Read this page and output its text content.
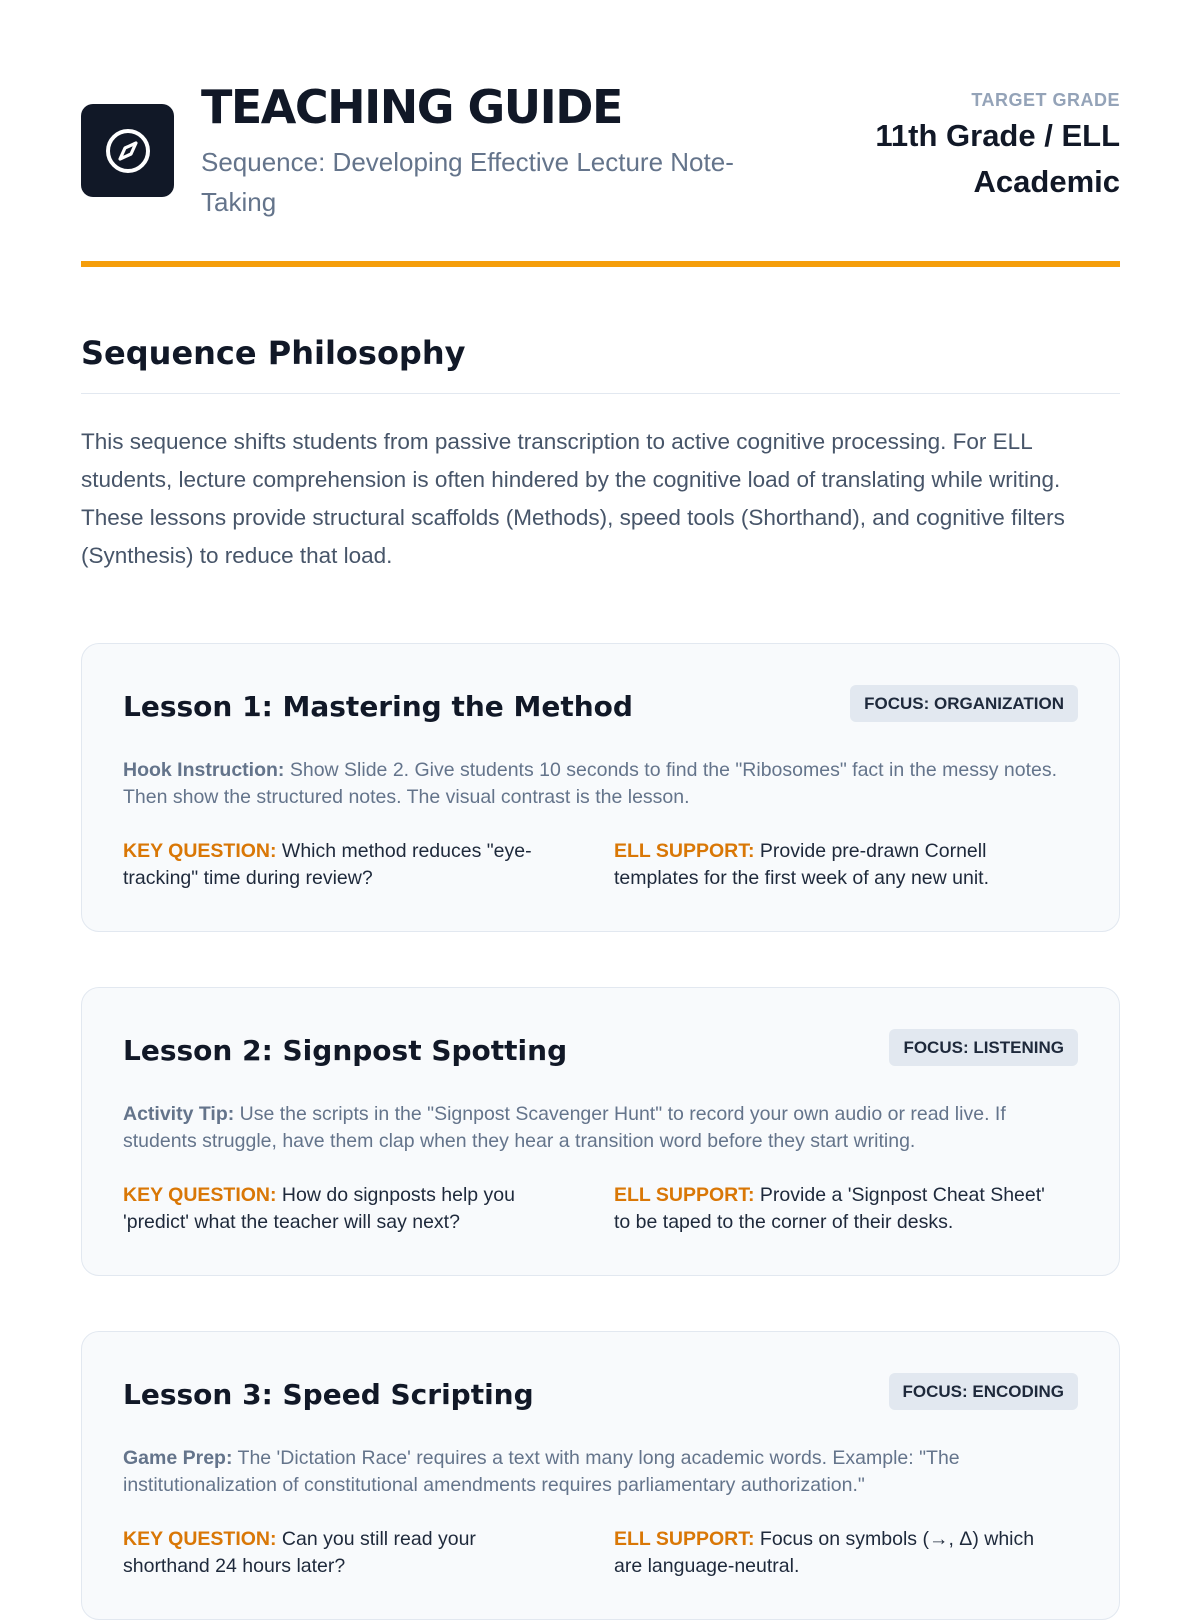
TEACHING GUIDE

Sequence: Developing Effective Lecture Note-Taking

TARGET GRADE
11th Grade / ELL Academic
Sequence Philosophy

This sequence shifts students from passive transcription to active cognitive processing. For ELL students, lecture comprehension is often hindered by the cognitive load of translating while writing. These lessons provide structural scaffolds (Methods), speed tools (Shorthand), and cognitive filters (Synthesis) to reduce that load.

Lesson 1: Mastering the Method	FOCUS: ORGANIZATION

Hook Instruction: Show Slide 2. Give students 10 seconds to find the "Ribosomes" fact in the messy notes. Then show the structured notes. The visual contrast is the lesson.

KEY QUESTION: Which method reduces "eye-tracking" time during review?
ELL SUPPORT: Provide pre-drawn Cornell templates for the first week of any new unit.
Lesson 2: Signpost Spotting	FOCUS: LISTENING

Activity Tip: Use the scripts in the "Signpost Scavenger Hunt" to record your own audio or read live. If students struggle, have them clap when they hear a transition word before they start writing.

KEY QUESTION: How do signposts help you 'predict' what the teacher will say next?
ELL SUPPORT: Provide a 'Signpost Cheat Sheet' to be taped to the corner of their desks.
Lesson 3: Speed Scripting	FOCUS: ENCODING

Game Prep: The 'Dictation Race' requires a text with many long academic words. Example: "The institutionalization of constitutional amendments requires parliamentary authorization."

KEY QUESTION: Can you still read your shorthand 24 hours later?
ELL SUPPORT: Focus on symbols (→, Δ) which are language-neutral.
